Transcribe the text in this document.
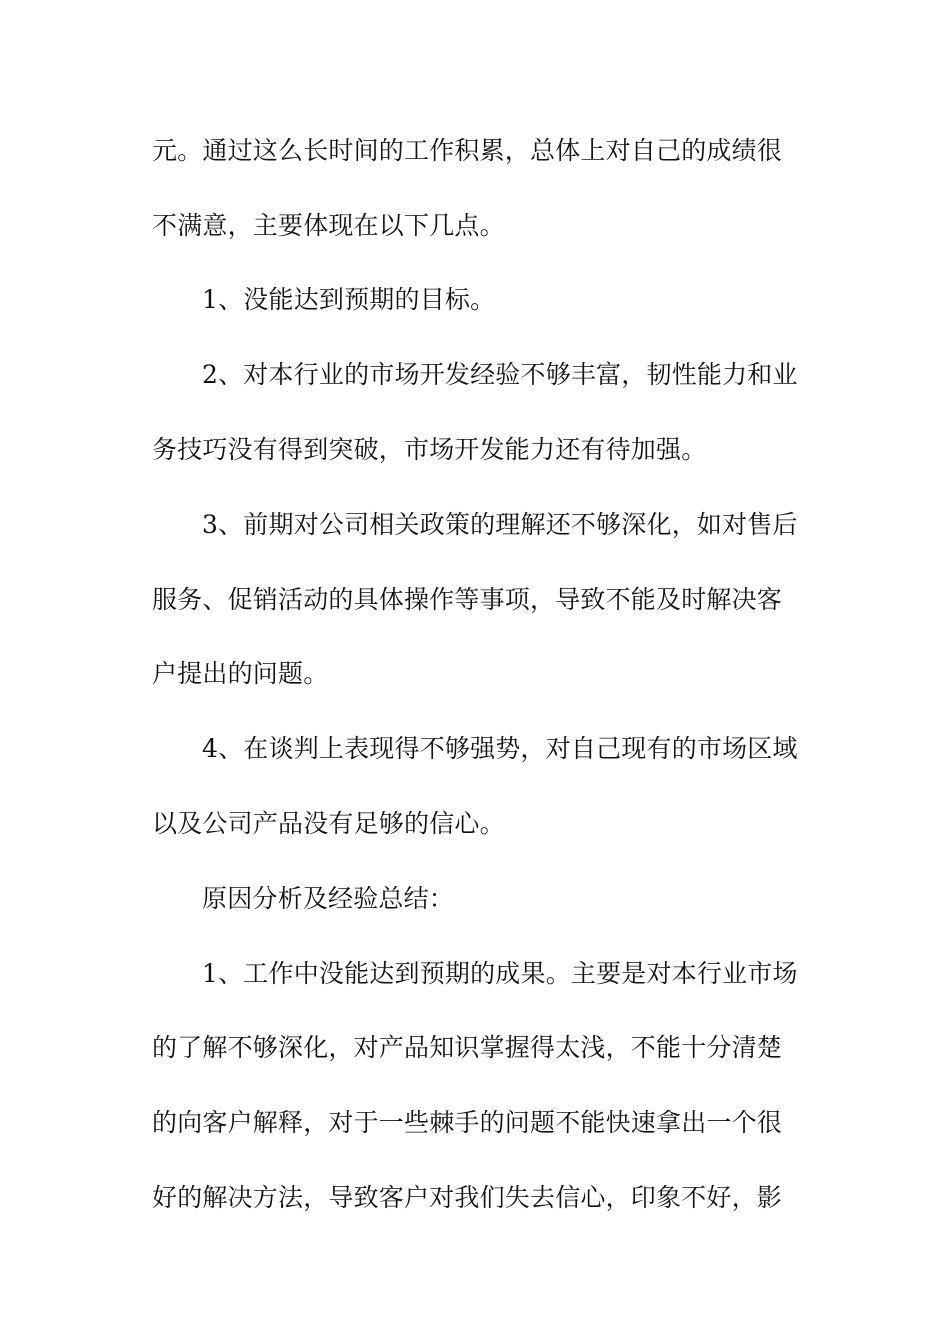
元。通过这么长时间的工作积累，总体上对自己的成绩很
不满意，主要体现在以下几点。
1、没能达到预期的目标。
2、对本行业的市场开发经验不够丰富，韧性能力和业
务技巧没有得到突破，市场开发能力还有待加强。
3、前期对公司相关政策的理解还不够深化，如对售后
服务、促销活动的具体操作等事项，导致不能及时解决客
户提出的问题。
4、在谈判上表现得不够强势，对自己现有的市场区域
以及公司产品没有足够的信心。
原因分析及经验总结：
1、工作中没能达到预期的成果。主要是对本行业市场
的了解不够深化，对产品知识掌握得太浅，不能十分清楚
的向客户解释，对于一些棘手的问题不能快速拿出一个很
好的解决方法，导致客户对我们失去信心，印象不好，影
